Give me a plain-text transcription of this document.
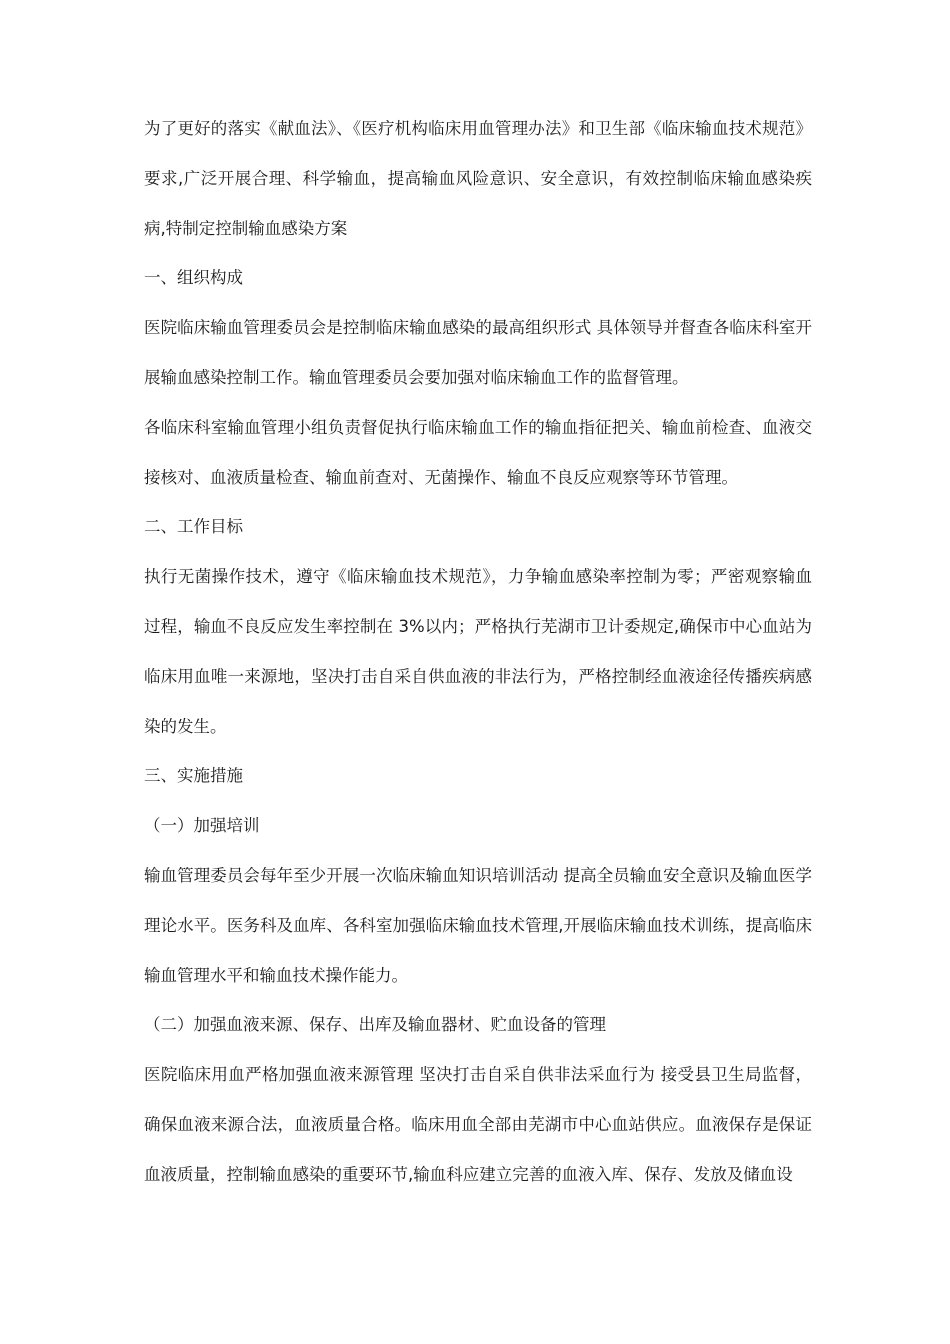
为了更好的落实《献血法》、《医疗机构临床用血管理办法》和卫生部《临床输血技术规范》要求,广泛开展合理、科学输血，提高输血风险意识、安全意识，有效控制临床输血感染疾病,特制定控制输血感染方案

一、组织构成

医院临床输血管理委员会是控制临床输血感染的最高组织形式 具体领导并督查各临床科室开展输血感染控制工作。输血管理委员会要加强对临床输血工作的监督管理。

各临床科室输血管理小组负责督促执行临床输血工作的输血指征把关、输血前检查、血液交接核对、血液质量检查、输血前查对、无菌操作、输血不良反应观察等环节管理。

二、工作目标

执行无菌操作技术，遵守《临床输血技术规范》，力争输血感染率控制为零；严密观察输血过程，输血不良反应发生率控制在 3%以内；严格执行芜湖市卫计委规定,确保市中心血站为临床用血唯一来源地，坚决打击自采自供血液的非法行为，严格控制经血液途径传播疾病感染的发生。

三、实施措施

（一）加强培训

输血管理委员会每年至少开展一次临床输血知识培训活动 提高全员输血安全意识及输血医学理论水平。医务科及血库、各科室加强临床输血技术管理,开展临床输血技术训练，提高临床输血管理水平和输血技术操作能力。

（二）加强血液来源、保存、出库及输血器材、贮血设备的管理

医院临床用血严格加强血液来源管理 坚决打击自采自供非法采血行为 接受县卫生局监督，确保血液来源合法，血液质量合格。临床用血全部由芜湖市中心血站供应。血液保存是保证血液质量，控制输血感染的重要环节,输血科应建立完善的血液入库、保存、发放及储血设
